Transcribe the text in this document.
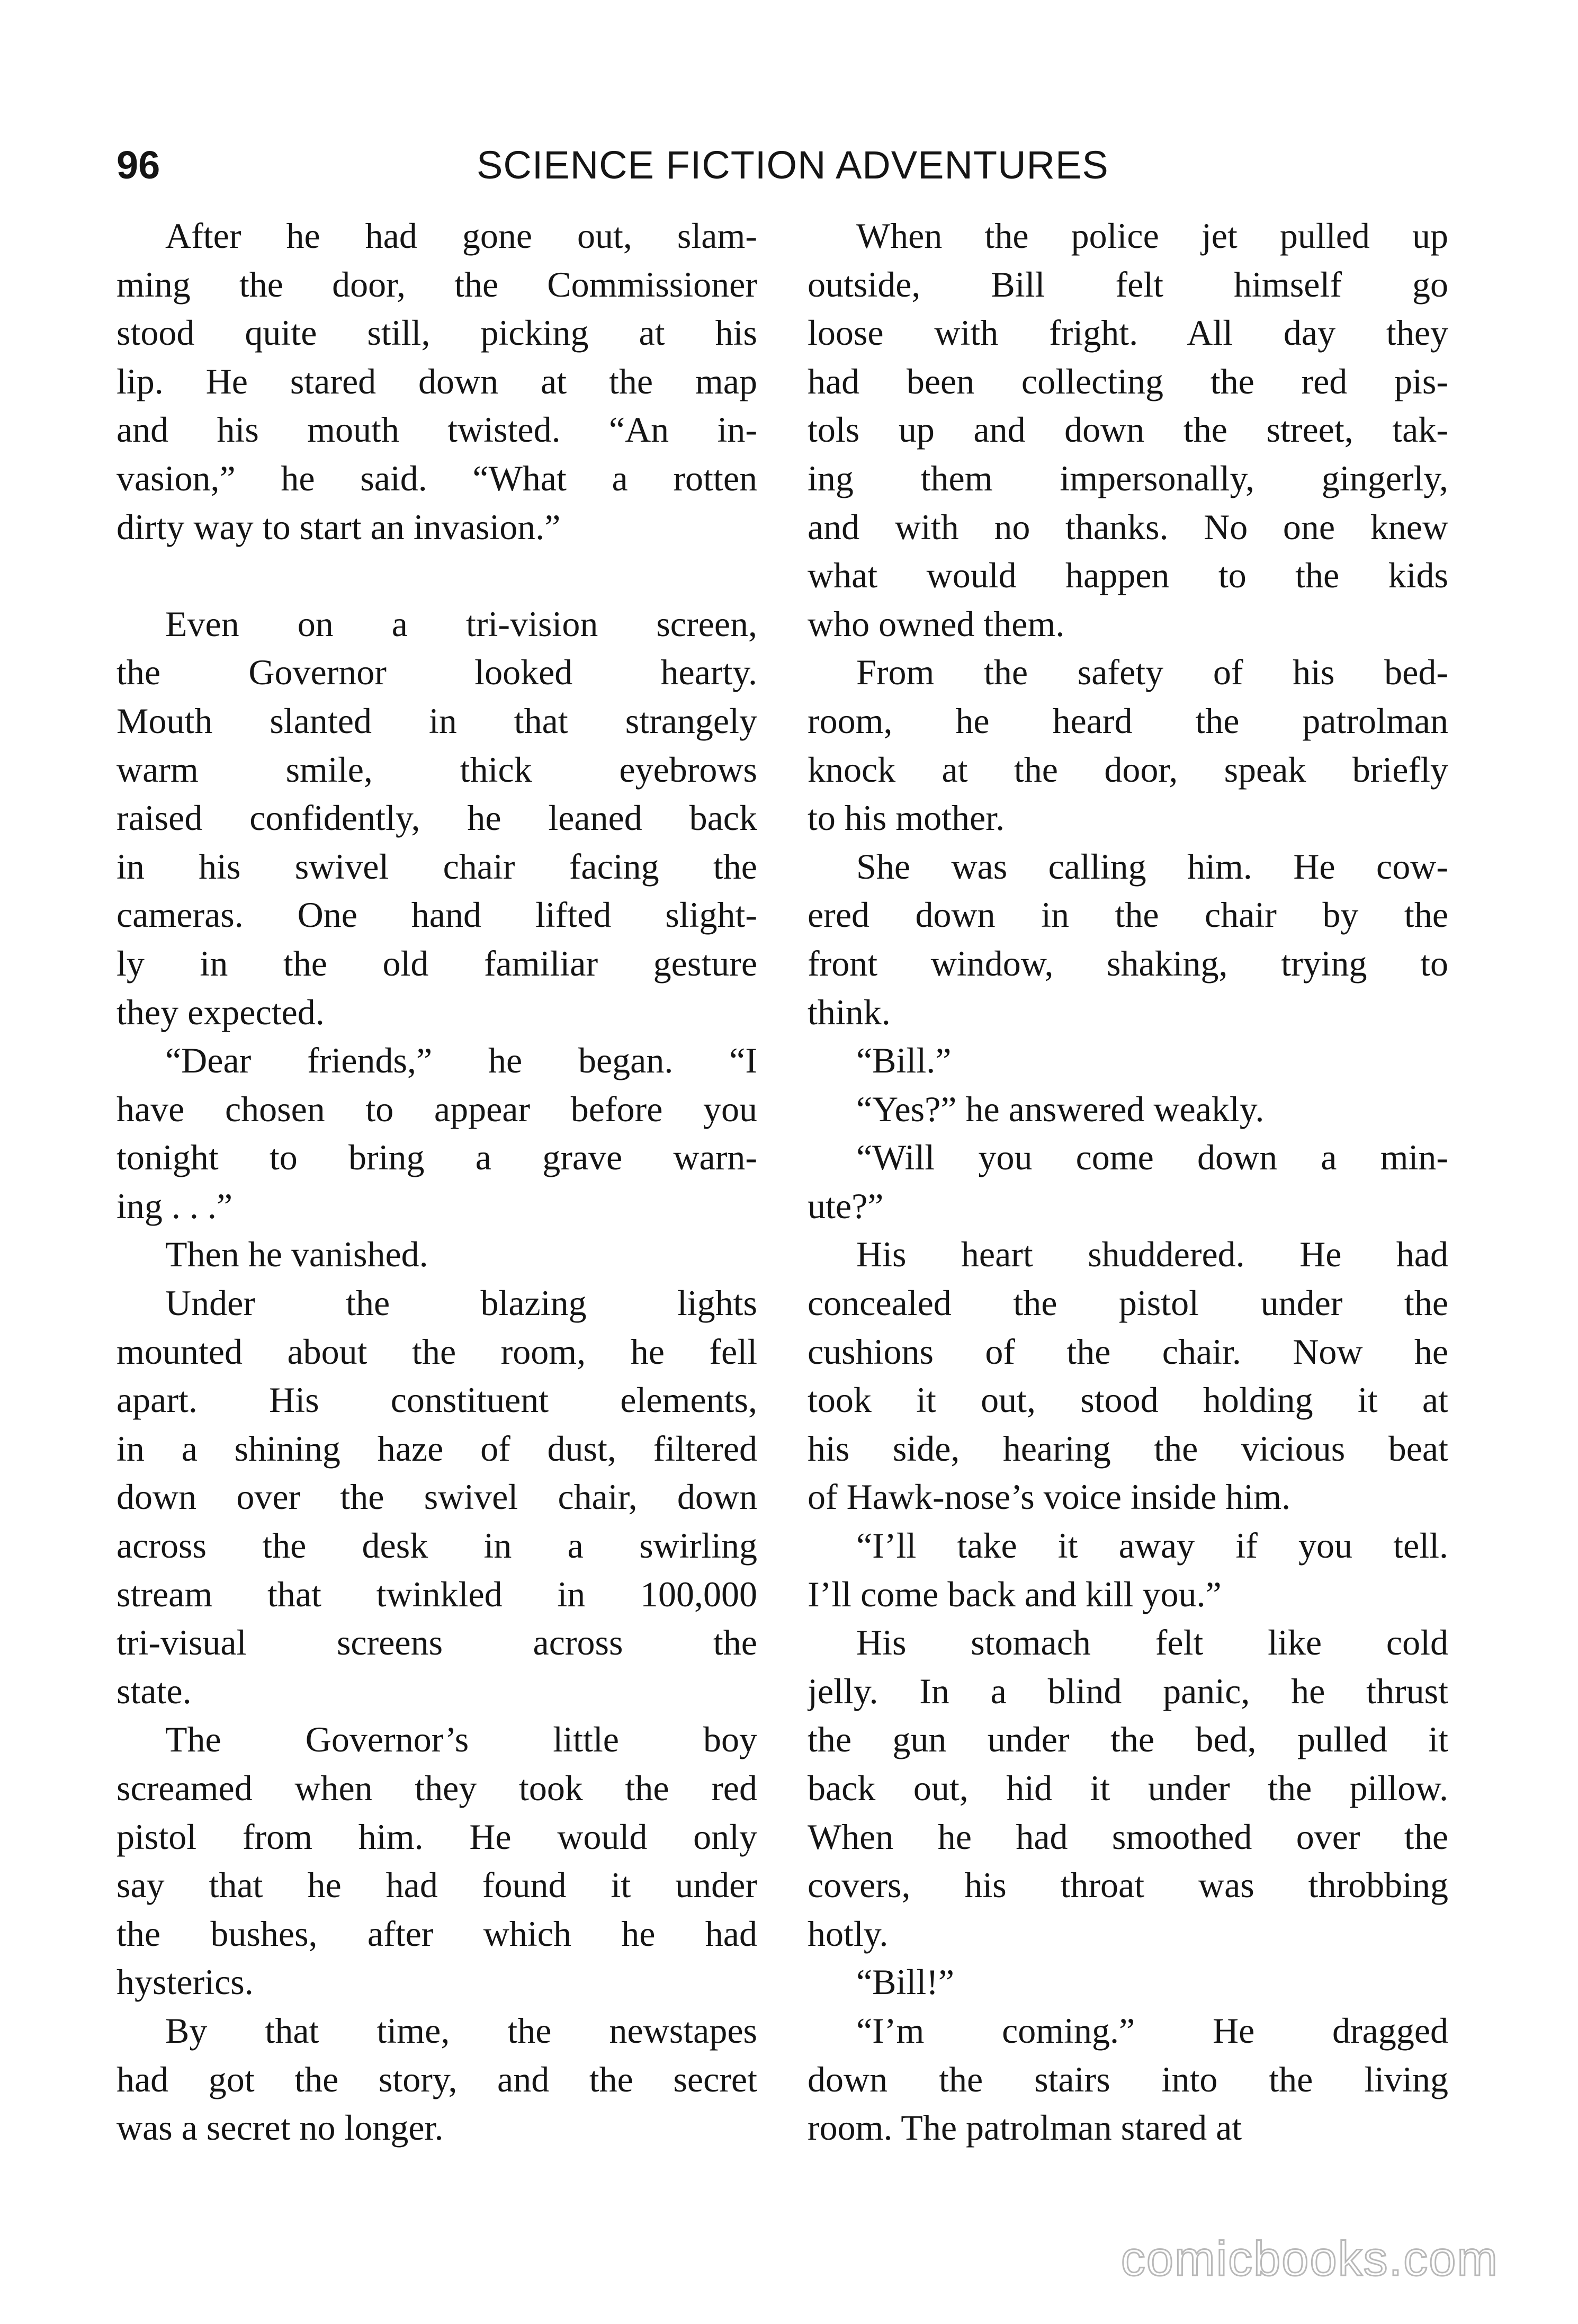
96	SCIENCE FICTION ADVENTURES
After he had gone out, slam-
ming the door, the Commissioner
stood quite still, picking at his
lip. He stared down at the map
and his mouth twisted. “An in-
vasion,” he said. “What a rotten
dirty way to start an invasion.”
Even on a tri-vision screen,
the Governor looked hearty.
Mouth slanted in that strangely
warm smile, thick eyebrows
raised confidently, he leaned back
in his swivel chair facing the
cameras. One hand lifted slight-
ly in the old familiar gesture
they expected.
“Dear friends,” he began. “I
have chosen to appear before you
tonight to bring a grave warn-
ing . . .”
Then he vanished.
Under the blazing lights
mounted about the room, he fell
apart. His constituent elements,
in a shining haze of dust, filtered
down over the swivel chair, down
across the desk in a swirling
stream that twinkled in 100,000
tri-visual screens across the
state.
The Governor’s little boy
screamed when they took the red
pistol from him. He would only
say that he had found it under
the bushes, after which he had
hysterics.
By that time, the newstapes
had got the story, and the secret
was a secret no longer.
When the police jet pulled up
outside, Bill felt himself go
loose with fright. All day they
had been collecting the red pis-
tols up and down the street, tak-
ing them impersonally, gingerly,
and with no thanks. No one knew
what would happen to the kids
who owned them.
From the safety of his bed-
room, he heard the patrolman
knock at the door, speak briefly
to his mother.
She was calling him. He cow-
ered down in the chair by the
front window, shaking, trying to
think.
“Bill.”
“Yes?” he answered weakly.
“Will you come down a min-
ute?”
His heart shuddered. He had
concealed the pistol under the
cushions of the chair. Now he
took it out, stood holding it at
his side, hearing the vicious beat
of Hawk-nose’s voice inside him.
“I’ll take it away if you tell.
I’ll come back and kill you.”
His stomach felt like cold
jelly. In a blind panic, he thrust
the gun under the bed, pulled it
back out, hid it under the pillow.
When he had smoothed over the
covers, his throat was throbbing
hotly.
“Bill!”
“I’m coming.” He dragged
down the stairs into the living
room. The patrolman stared at
comicbooks.com
